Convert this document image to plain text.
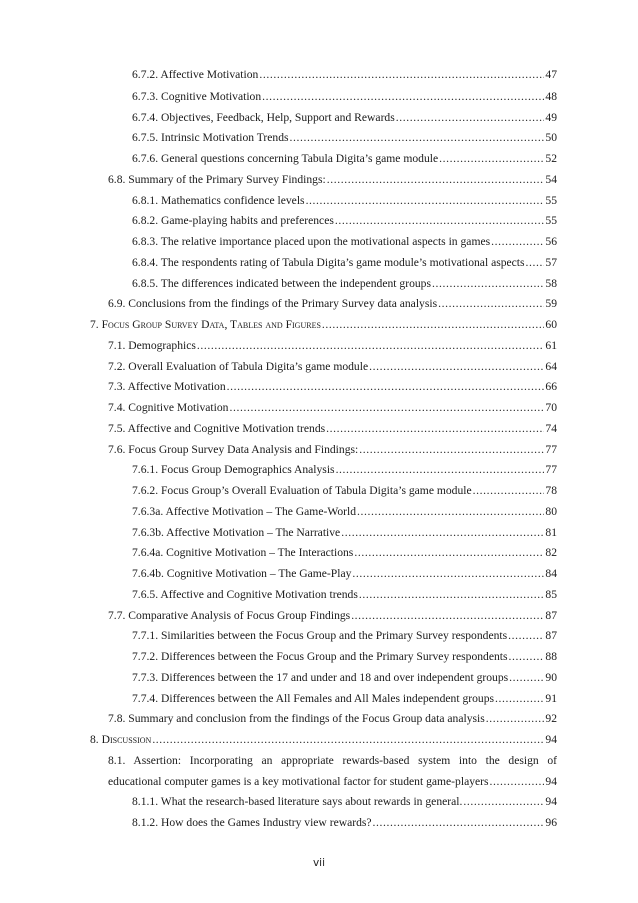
6.7.2. Affective Motivation .....	47
6.7.3. Cognitive Motivation .....	48
6.7.4. Objectives, Feedback, Help, Support and Rewards .....	49
6.7.5. Intrinsic Motivation Trends .....	50
6.7.6. General questions concerning Tabula Digita’s game module .....	52
6.8. Summary of the Primary Survey Findings: .....	54
6.8.1. Mathematics confidence levels .....	55
6.8.2. Game-playing habits and preferences .....	55
6.8.3. The relative importance placed upon the motivational aspects in games .....	56
6.8.4. The respondents rating of Tabula Digita’s game module’s motivational aspects ..... 57
6.8.5. The differences indicated between the independent groups .....	58
6.9. Conclusions from the findings of the Primary Survey data analysis .....	59
7. Focus Group Survey Data, Tables and Figures .....	60
7.1. Demographics .....	61
7.2. Overall Evaluation of Tabula Digita’s game module .....	64
7.3. Affective Motivation .....	66
7.4. Cognitive Motivation .....	70
7.5. Affective and Cognitive Motivation trends .....	74
7.6. Focus Group Survey Data Analysis and Findings: .....	77
7.6.1. Focus Group Demographics Analysis .....	77
7.6.2. Focus Group’s Overall Evaluation of Tabula Digita’s game module .....	78
7.6.3a. Affective Motivation – The Game-World .....	80
7.6.3b. Affective Motivation – The Narrative .....	81
7.6.4a. Cognitive Motivation – The Interactions .....	82
7.6.4b. Cognitive Motivation – The Game-Play .....	84
7.6.5. Affective and Cognitive Motivation trends .....	85
7.7. Comparative Analysis of Focus Group Findings .....	87
7.7.1. Similarities between the Focus Group and the Primary Survey respondents .....	87
7.7.2. Differences between the Focus Group and the Primary Survey respondents .....	88
7.7.3. Differences between the 17 and under and 18 and over independent groups .....	90
7.7.4. Differences between the All Females and All Males independent groups .....	91
7.8. Summary and conclusion from the findings of the Focus Group data analysis .....	92
8. Discussion .....	94
8.1. Assertion: Incorporating an appropriate rewards-based system into the design of
educational computer games is a key motivational factor for student game-players .....	94
8.1.1. What the research-based literature says about rewards in general. .....	94
8.1.2. How does the Games Industry view rewards? .....	96
vii
